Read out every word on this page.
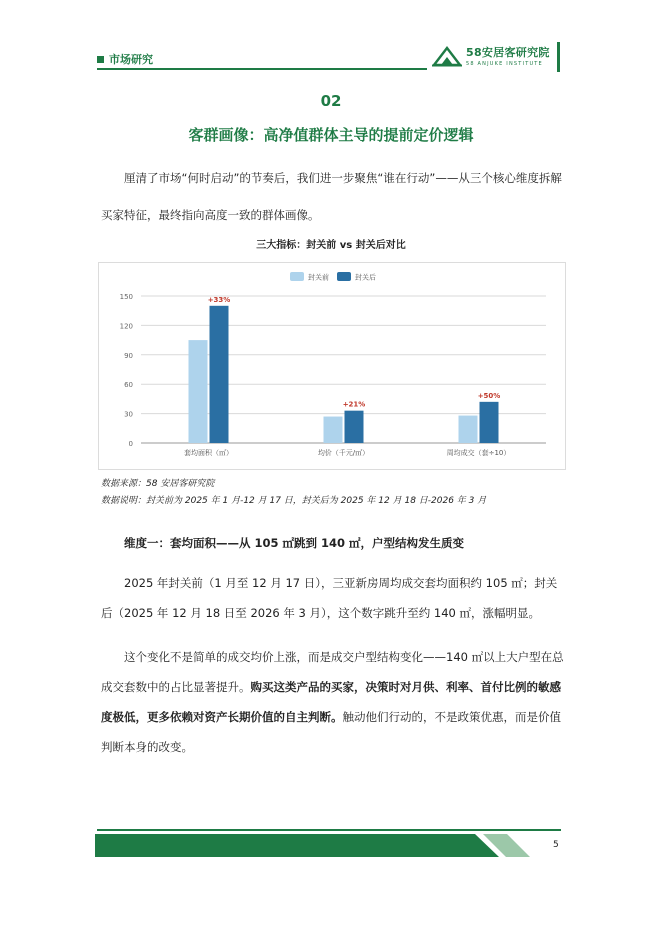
市场研究
58安居客研究院
58 ANJUKE INSTITUTE
02
客群画像：高净值群体主导的提前定价逻辑
厘清了市场“何时启动”的节奏后，我们进一步聚焦“谁在行动”——从三个核心维度拆解买家特征，最终指向高度一致的群体画像。
三大指标：封关前 vs 封关后对比
0
30
60
90
120
150
封关前	封关后
+33%
套均面积（㎡）
+21%
均价（千元/㎡）
+50%
周均成交（套÷10）
数据来源：58 安居客研究院
数据说明：封关前为 2025 年 1 月-12 月 17 日，封关后为 2025 年 12 月 18 日-2026 年 3 月
维度一：套均面积——从 105 ㎡跳到 140 ㎡，户型结构发生质变
2025 年封关前（1 月至 12 月 17 日），三亚新房周均成交套均面积约 105 ㎡；封关后（2025 年 12 月 18 日至 2026 年 3 月），这个数字跳升至约 140 ㎡，涨幅明显。
这个变化不是简单的成交均价上涨，而是成交户型结构变化——140 ㎡以上大户型在总成交套数中的占比显著提升。购买这类产品的买家，决策时对月供、利率、首付比例的敏感度极低，更多依赖对资产长期价值的自主判断。触动他们行动的，不是政策优惠，而是价值判断本身的改变。
5
